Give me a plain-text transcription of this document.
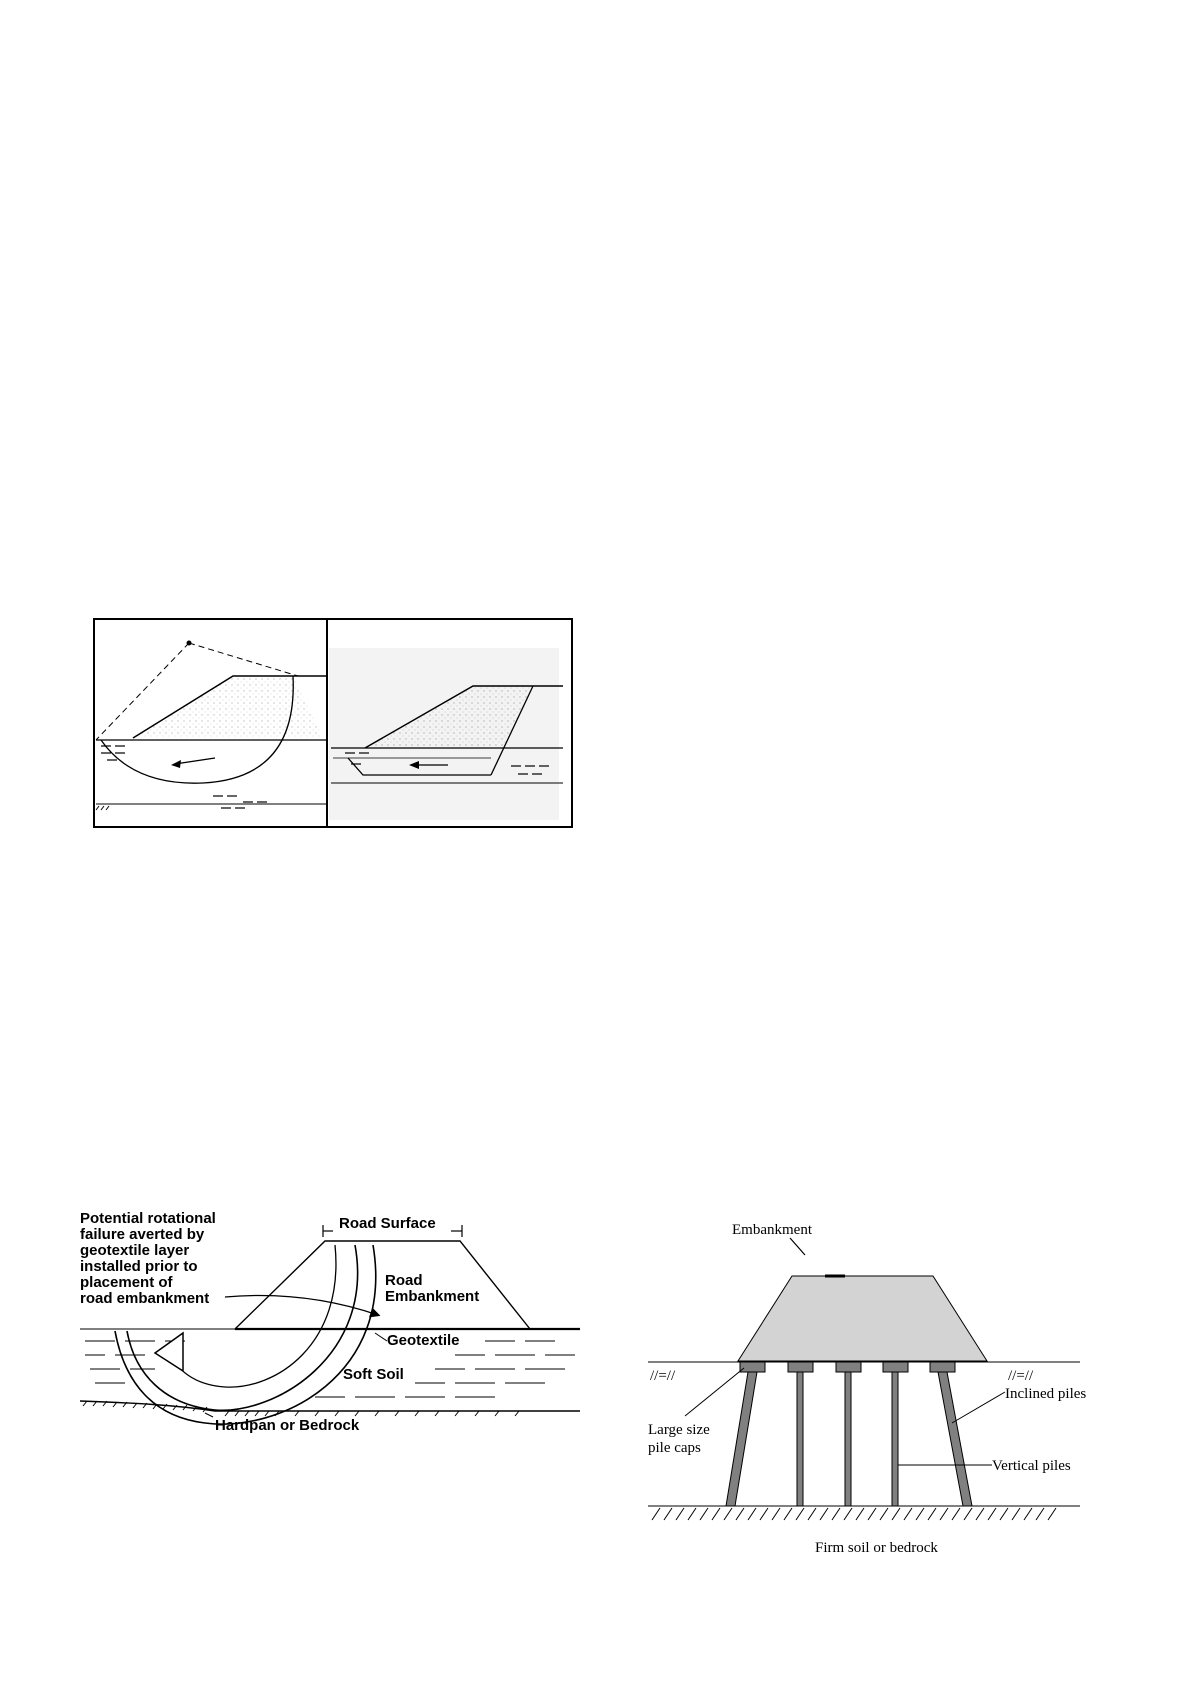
Potential rotational
failure averted by
geotextile layer
installed prior to
placement of
road embankment
Road Surface
Road
Embankment
Geotextile
Soft Soil
Hardpan or Bedrock
Embankment
//=//	//=//
Inclined piles
Large size
pile caps
Vertical piles
Firm soil or bedrock
